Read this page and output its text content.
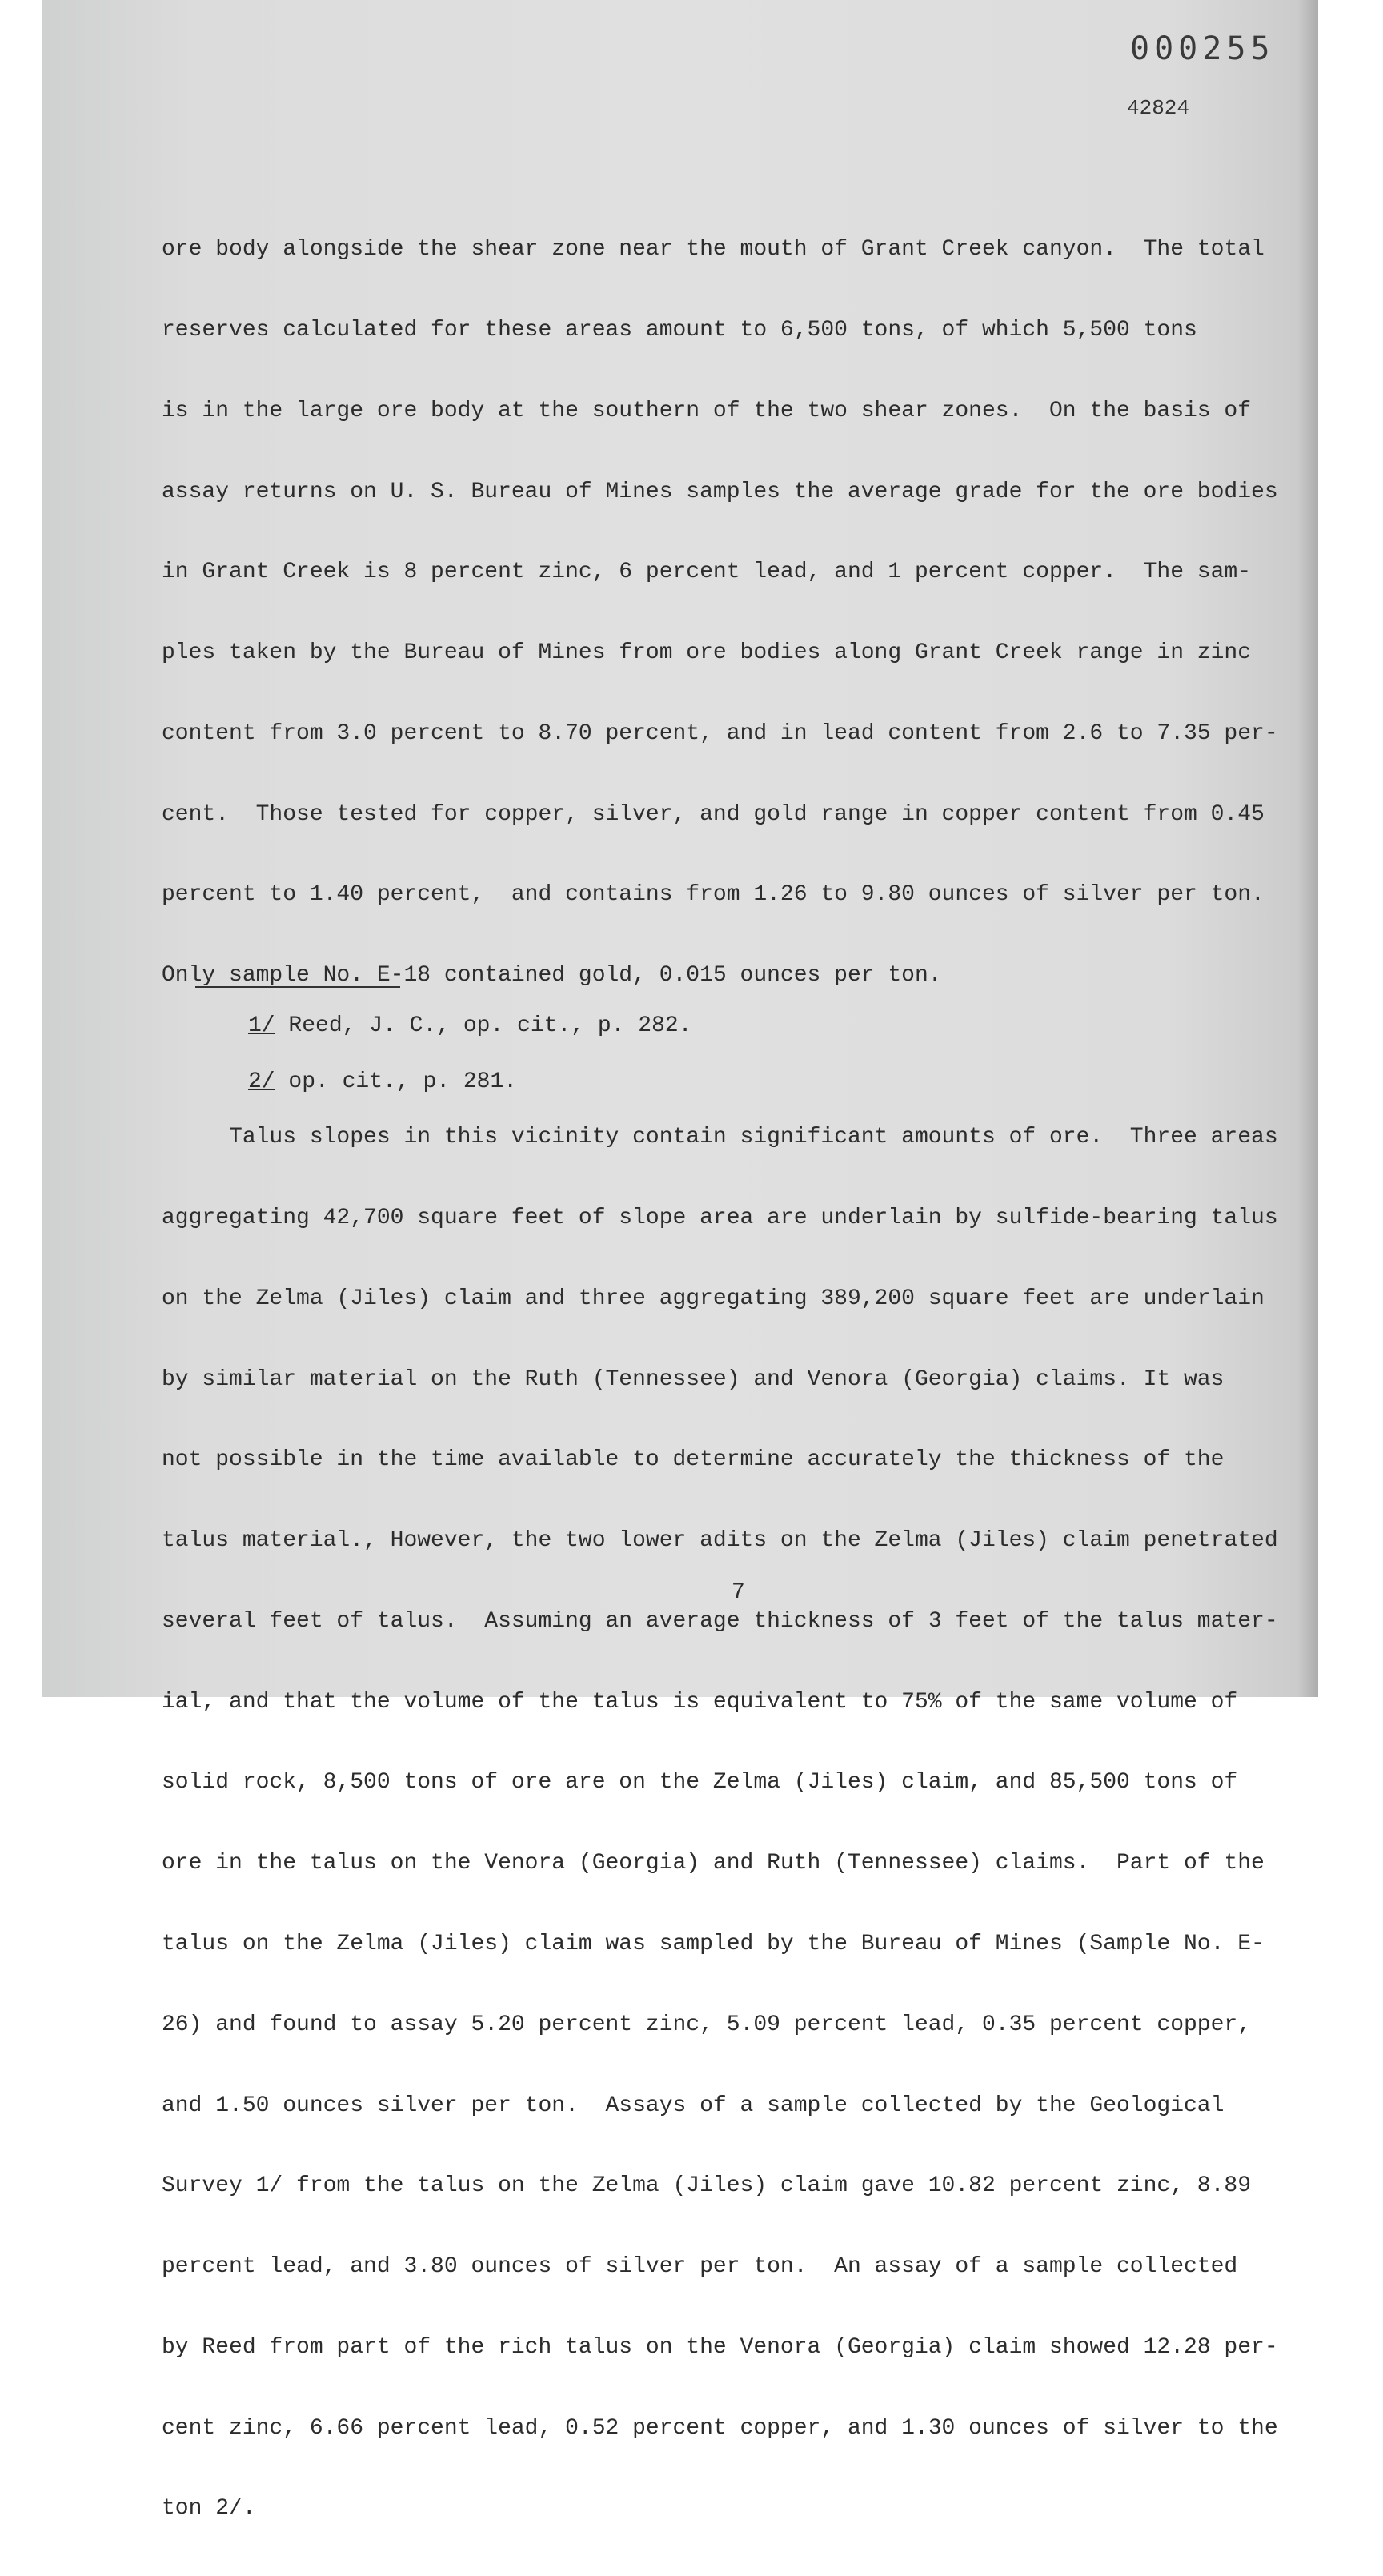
000255
42824

ore body alongside the shear zone near the mouth of Grant Creek canyon.  The total

reserves calculated for these areas amount to 6,500 tons, of which 5,500 tons

is in the large ore body at the southern of the two shear zones.  On the basis of

assay returns on U. S. Bureau of Mines samples the average grade for the ore bodies

in Grant Creek is 8 percent zinc, 6 percent lead, and 1 percent copper.  The sam-

ples taken by the Bureau of Mines from ore bodies along Grant Creek range in zinc

content from 3.0 percent to 8.70 percent, and in lead content from 2.6 to 7.35 per-

cent.  Those tested for copper, silver, and gold range in copper content from 0.45

percent to 1.40 percent,  and contains from 1.26 to 9.80 ounces of silver per ton.

Only sample No. E-18 contained gold, 0.015 ounces per ton.

Talus slopes in this vicinity contain significant amounts of ore.  Three areas

aggregating 42,700 square feet of slope area are underlain by sulfide-bearing talus

on the Zelma (Jiles) claim and three aggregating 389,200 square feet are underlain

by similar material on the Ruth (Tennessee) and Venora (Georgia) claims. It was

not possible in the time available to determine accurately the thickness of the

talus material., However, the two lower adits on the Zelma (Jiles) claim penetrated

several feet of talus.  Assuming an average thickness of 3 feet of the talus mater-

ial, and that the volume of the talus is equivalent to 75% of the same volume of

solid rock, 8,500 tons of ore are on the Zelma (Jiles) claim, and 85,500 tons of

ore in the talus on the Venora (Georgia) and Ruth (Tennessee) claims.  Part of the

talus on the Zelma (Jiles) claim was sampled by the Bureau of Mines (Sample No. E-

26) and found to assay 5.20 percent zinc, 5.09 percent lead, 0.35 percent copper,

and 1.50 ounces silver per ton.  Assays of a sample collected by the Geological

Survey 1/ from the talus on the Zelma (Jiles) claim gave 10.82 percent zinc, 8.89

percent lead, and 3.80 ounces of silver per ton.  An assay of a sample collected

by Reed from part of the rich talus on the Venora (Georgia) claim showed 12.28 per-

cent zinc, 6.66 percent lead, 0.52 percent copper, and 1.30 ounces of silver to the

ton 2/.

1/ Reed, J. C., op. cit., p. 282.
2/ op. cit., p. 281.
7
